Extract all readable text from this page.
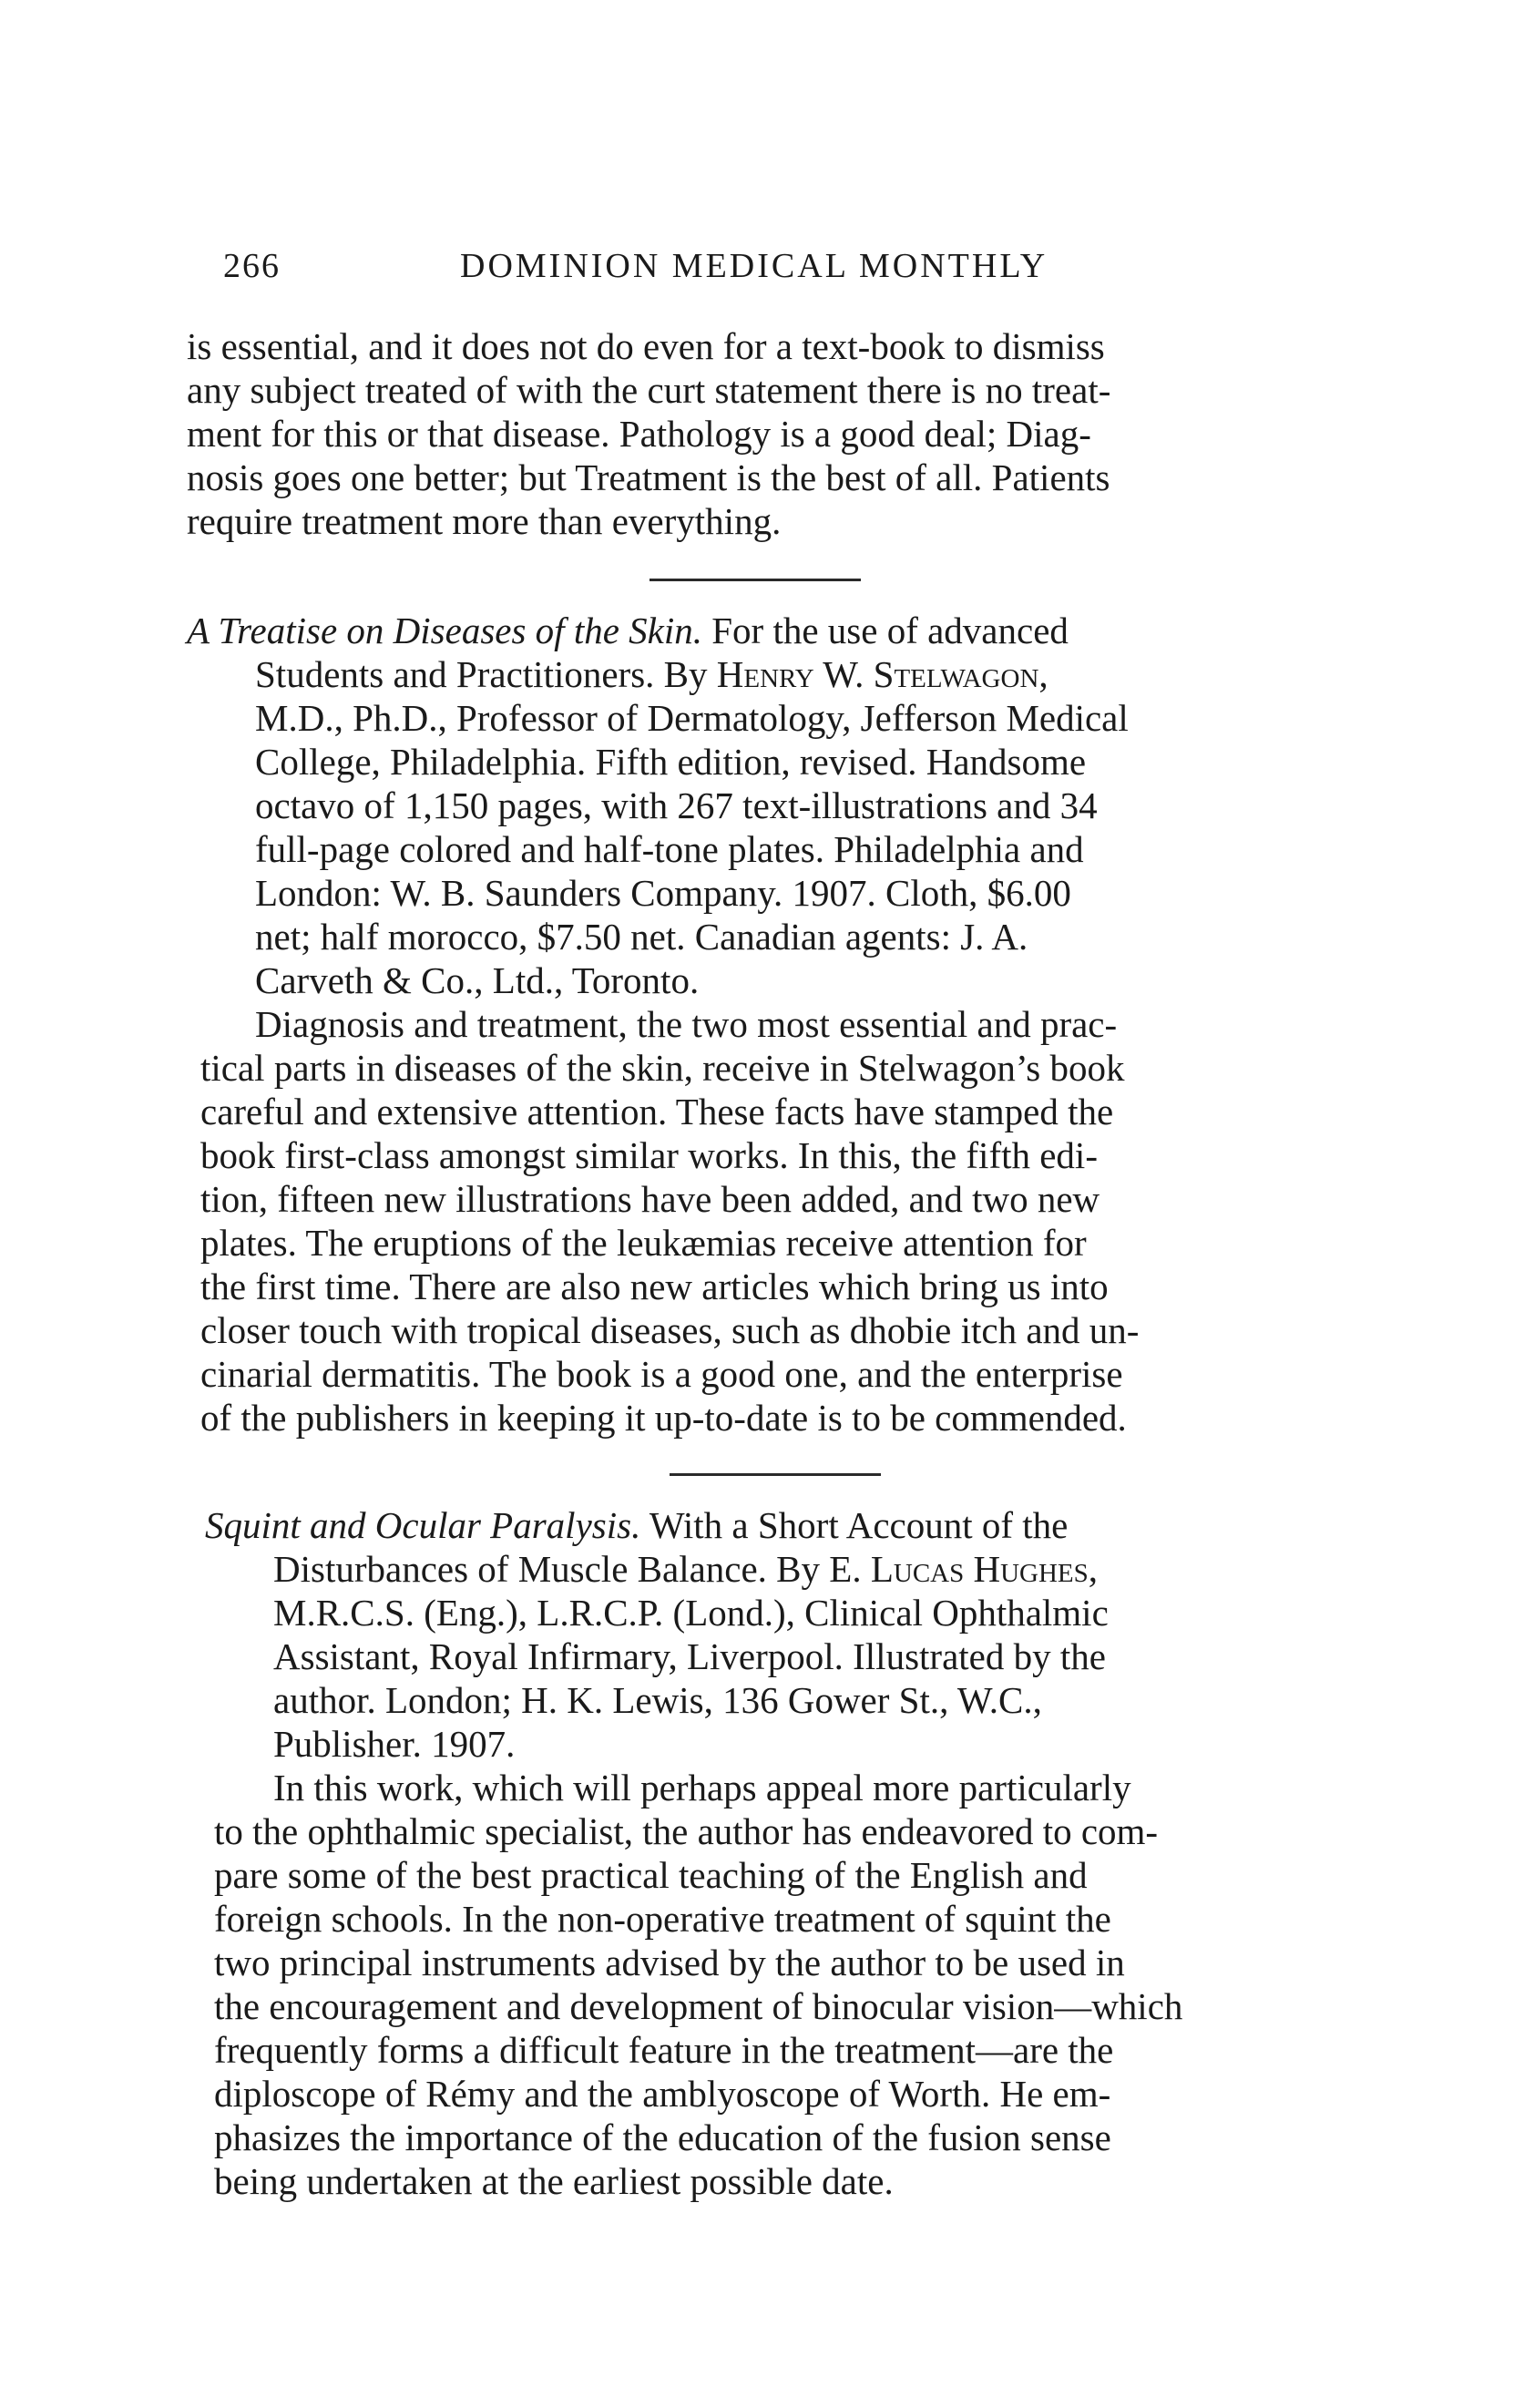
266	DOMINION MEDICAL MONTHLY
is essential, and it does not do even for a text-book to dismiss
any subject treated of with the curt statement there is no treat-
ment for this or that disease. Pathology is a good deal; Diag-
nosis goes one better; but Treatment is the best of all. Patients
require treatment more than everything.
A Treatise on Diseases of the Skin. For the use of advanced
Students and Practitioners. By Henry W. Stelwagon,
M.D., Ph.D., Professor of Dermatology, Jefferson Medical
College, Philadelphia. Fifth edition, revised. Handsome
octavo of 1,150 pages, with 267 text-illustrations and 34
full-page colored and half-tone plates. Philadelphia and
London: W. B. Saunders Company. 1907. Cloth, $6.00
net; half morocco, $7.50 net. Canadian agents: J. A.
Carveth & Co., Ltd., Toronto.
Diagnosis and treatment, the two most essential and prac-
tical parts in diseases of the skin, receive in Stelwagon’s book
careful and extensive attention. These facts have stamped the
book first-class amongst similar works. In this, the fifth edi-
tion, fifteen new illustrations have been added, and two new
plates. The eruptions of the leukæmias receive attention for
the first time. There are also new articles which bring us into
closer touch with tropical diseases, such as dhobie itch and un-
cinarial dermatitis. The book is a good one, and the enterprise
of the publishers in keeping it up-to-date is to be commended.
Squint and Ocular Paralysis. With a Short Account of the
Disturbances of Muscle Balance. By E. Lucas Hughes,
M.R.C.S. (Eng.), L.R.C.P. (Lond.), Clinical Ophthalmic
Assistant, Royal Infirmary, Liverpool. Illustrated by the
author. London; H. K. Lewis, 136 Gower St., W.C.,
Publisher. 1907.
In this work, which will perhaps appeal more particularly
to the ophthalmic specialist, the author has endeavored to com-
pare some of the best practical teaching of the English and
foreign schools. In the non-operative treatment of squint the
two principal instruments advised by the author to be used in
the encouragement and development of binocular vision—which
frequently forms a difficult feature in the treatment—are the
diploscope of Rémy and the amblyoscope of Worth. He em-
phasizes the importance of the education of the fusion sense
being undertaken at the earliest possible date.
